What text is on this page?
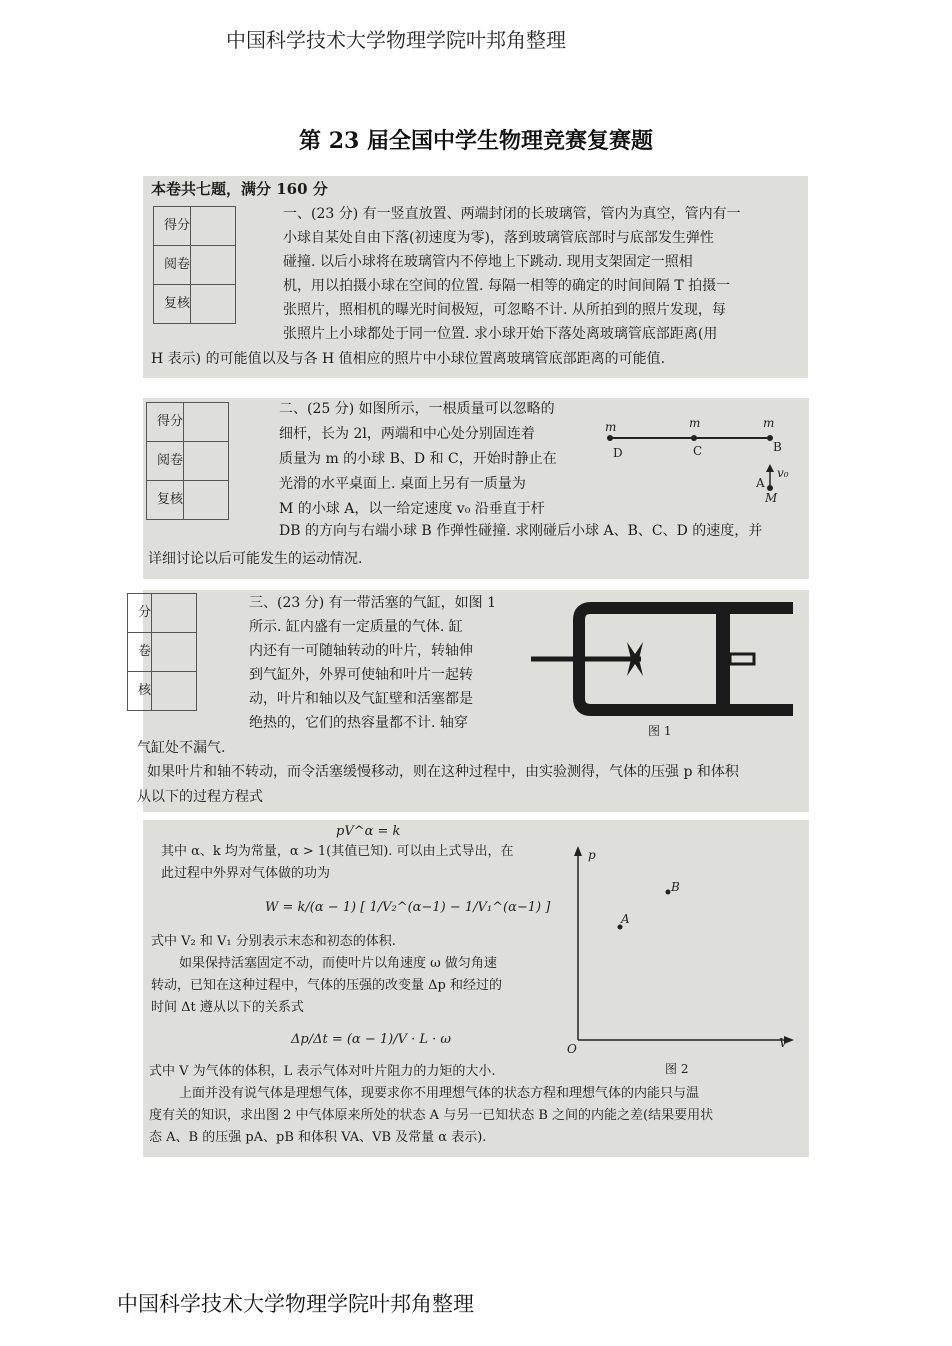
中国科学技术大学物理学院叶邦角整理
第 23 届全国中学生物理竞赛复赛题
本卷共七题，满分 160 分
得分	
阅卷	
复核	
一、(23 分) 有一竖直放置、两端封闭的长玻璃管，管内为真空，管内有一
小球自某处自由下落(初速度为零)，落到玻璃管底部时与底部发生弹性
碰撞. 以后小球将在玻璃管内不停地上下跳动. 现用支架固定一照相
机，用以拍摄小球在空间的位置. 每隔一相等的确定的时间间隔 T 拍摄一
张照片，照相机的曝光时间极短，可忽略不计. 从所拍到的照片发现，每
张照片上小球都处于同一位置. 求小球开始下落处离玻璃管底部距离(用
H 表示) 的可能值以及与各 H 值相应的照片中小球位置离玻璃管底部距离的可能值.
得分	
阅卷	
复核	
二、(25 分) 如图所示，一根质量可以忽略的
细杆，长为 2l，两端和中心处分别固连着
质量为 m 的小球 B、D 和 C，开始时静止在
光滑的水平桌面上. 桌面上另有一质量为
M 的小球 A，以一给定速度 v₀ 沿垂直于杆
DB 的方向与右端小球 B 作弹性碰撞. 求刚碰后小球 A、B、C、D 的速度，并
详细讨论以后可能发生的运动情况.
m	m	m
D	C	B
v₀
A
M
分	
卷	
核	
三、(23 分) 有一带活塞的气缸，如图 1
所示. 缸内盛有一定质量的气体. 缸
内还有一可随轴转动的叶片，转轴伸
到气缸外，外界可使轴和叶片一起转
动，叶片和轴以及气缸壁和活塞都是
绝热的，它们的热容量都不计. 轴穿
气缸处不漏气.
如果叶片和轴不转动，而令活塞缓慢移动，则在这种过程中，由实验测得，气体的压强 p 和体积
从以下的过程方程式
图 1
pV^α = k
其中 α、k 均为常量，α > 1(其值已知). 可以由上式导出，在
此过程中外界对气体做的功为
W = k/(α − 1) [ 1/V₂^(α−1) − 1/V₁^(α−1) ]
式中 V₂ 和 V₁ 分别表示末态和初态的体积.
如果保持活塞固定不动，而使叶片以角速度 ω 做匀角速
转动，已知在这种过程中，气体的压强的改变量 Δp 和经过的
时间 Δt 遵从以下的关系式
Δp/Δt = (α − 1)/V · L · ω
式中 V 为气体的体积，L 表示气体对叶片阻力的力矩的大小.
上面并没有说气体是理想气体，现要求你不用理想气体的状态方程和理想气体的内能只与温
度有关的知识，求出图 2 中气体原来所处的状态 A 与另一已知状态 B 之间的内能之差(结果要用状
态 A、B 的压强 pA、pB 和体积 VA、VB 及常量 α 表示).
p
V
O
A
B
图 2
中国科学技术大学物理学院叶邦角整理
